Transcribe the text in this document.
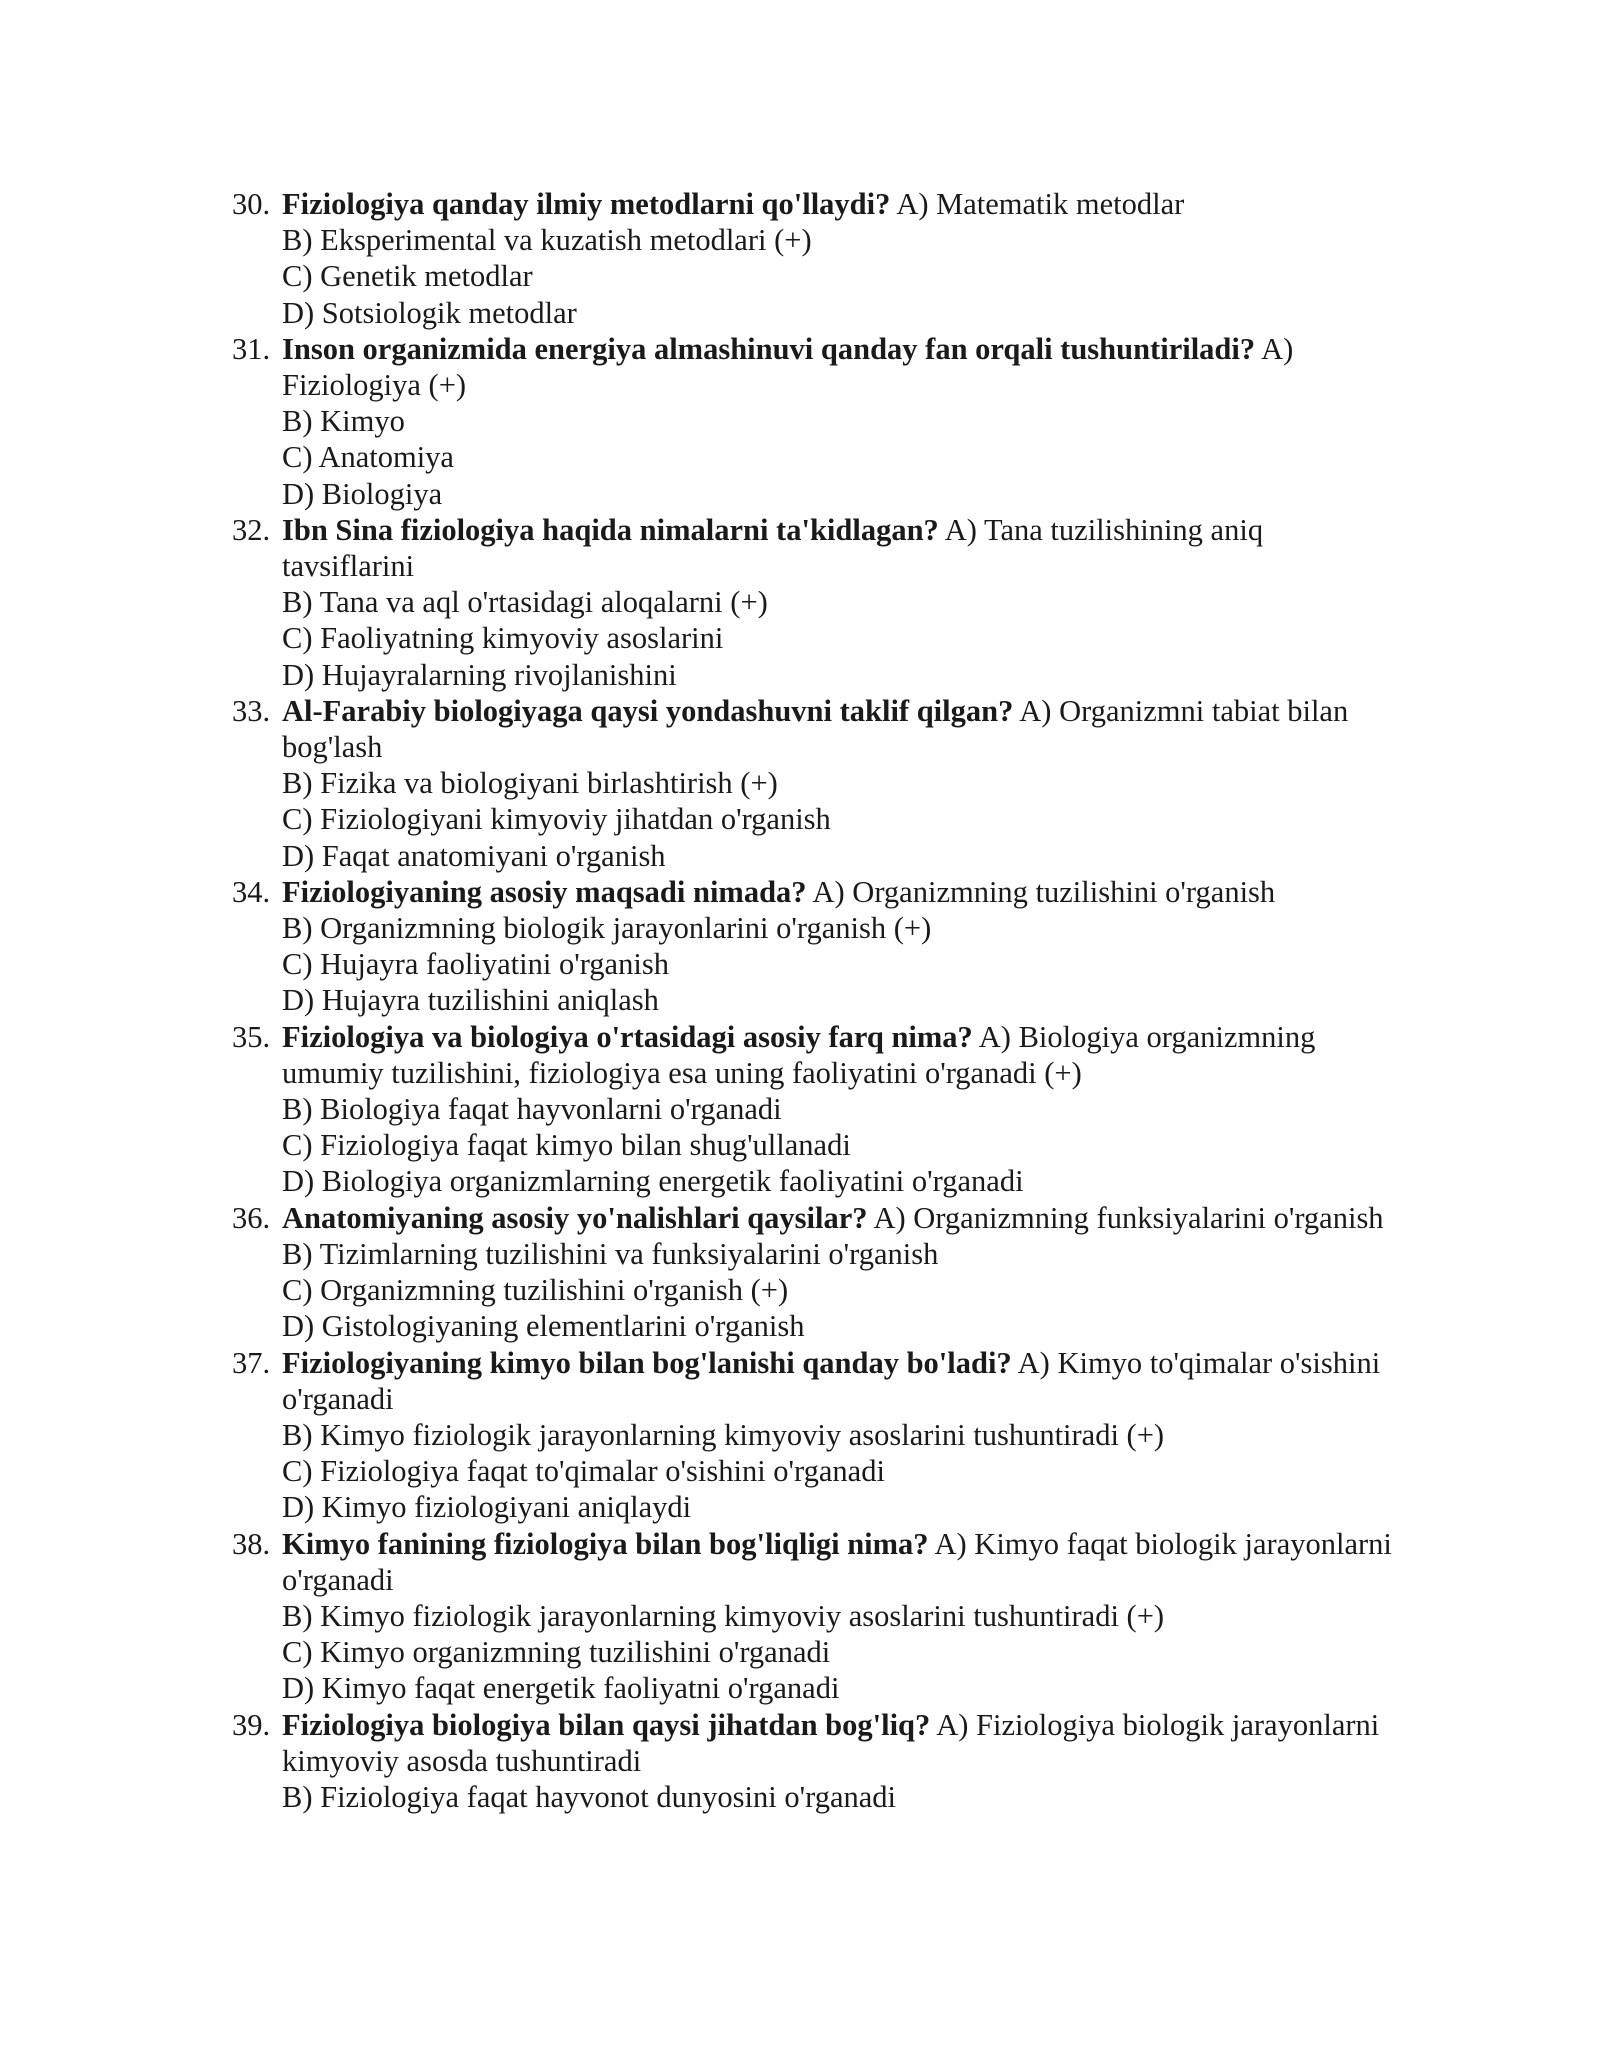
30. Fiziologiya qanday ilmiy metodlarni qo'llaydi? A) Matematik metodlar
B) Eksperimental va kuzatish metodlari (+)
C) Genetik metodlar
D) Sotsiologik metodlar
31. Inson organizmida energiya almashinuvi qanday fan orqali tushuntiriladi? A) Fiziologiya (+)
B) Kimyo
C) Anatomiya
D) Biologiya
32. Ibn Sina fiziologiya haqida nimalarni ta'kidlagan? A) Tana tuzilishining aniq tavsiflarini
B) Tana va aql o'rtasidagi aloqalarni (+)
C) Faoliyatning kimyoviy asoslarini
D) Hujayralarning rivojlanishini
33. Al-Farabiy biologiyaga qaysi yondashuvni taklif qilgan? A) Organizmni tabiat bilan bog'lash
B) Fizika va biologiyani birlashtirish (+)
C) Fiziologiyani kimyoviy jihatdan o'rganish
D) Faqat anatomiyani o'rganish
34. Fiziologiyaning asosiy maqsadi nimada? A) Organizmning tuzilishini o'rganish
B) Organizmning biologik jarayonlarini o'rganish (+)
C) Hujayra faoliyatini o'rganish
D) Hujayra tuzilishini aniqlash
35. Fiziologiya va biologiya o'rtasidagi asosiy farq nima? A) Biologiya organizmning umumiy tuzilishini, fiziologiya esa uning faoliyatini o'rganadi (+)
B) Biologiya faqat hayvonlarni o'rganadi
C) Fiziologiya faqat kimyo bilan shug'ullanadi
D) Biologiya organizmlarning energetik faoliyatini o'rganadi
36. Anatomiyaning asosiy yo'nalishlari qaysilar? A) Organizmning funksiyalarini o'rganish
B) Tizimlarning tuzilishini va funksiyalarini o'rganish
C) Organizmning tuzilishini o'rganish (+)
D) Gistologiyaning elementlarini o'rganish
37. Fiziologiyaning kimyo bilan bog'lanishi qanday bo'ladi? A) Kimyo to'qimalar o'sishini o'rganadi
B) Kimyo fiziologik jarayonlarning kimyoviy asoslarini tushuntiradi (+)
C) Fiziologiya faqat to'qimalar o'sishini o'rganadi
D) Kimyo fiziologiyani aniqlaydi
38. Kimyo fanining fiziologiya bilan bog'liqligi nima? A) Kimyo faqat biologik jarayonlarni o'rganadi
B) Kimyo fiziologik jarayonlarning kimyoviy asoslarini tushuntiradi (+)
C) Kimyo organizmning tuzilishini o'rganadi
D) Kimyo faqat energetik faoliyatni o'rganadi
39. Fiziologiya biologiya bilan qaysi jihatdan bog'liq? A) Fiziologiya biologik jarayonlarni kimyoviy asosda tushuntiradi
B) Fiziologiya faqat hayvonot dunyosini o'rganadi
